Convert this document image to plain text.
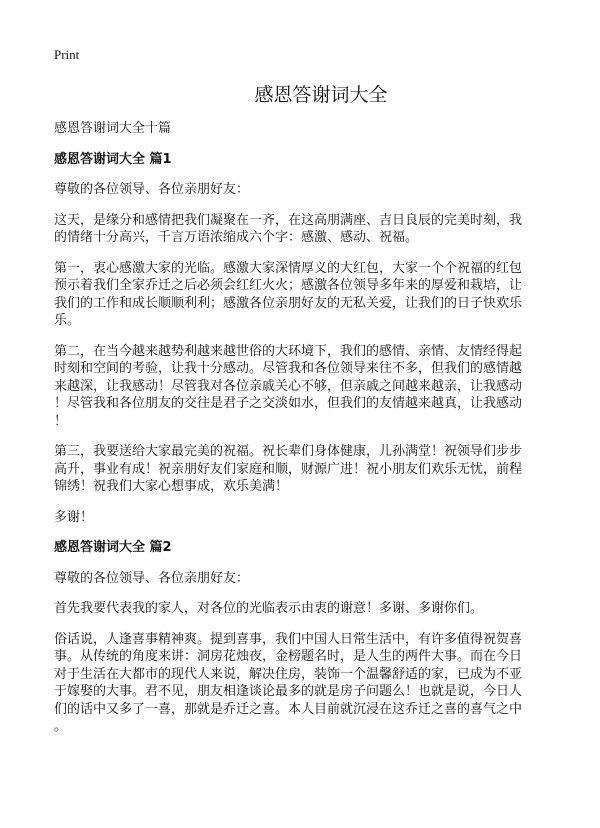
Print
感恩答谢词大全

感恩答谢词大全十篇

感恩答谢词大全 篇1

尊敬的各位领导、各位亲朋好友：

这天，是缘分和感情把我们凝聚在一齐，在这高朋满座、吉日良辰的完美时刻，我
的情绪十分高兴，千言万语浓缩成六个字：感激、感动、祝福。

第一，衷心感激大家的光临。感激大家深情厚义的大红包，大家一个个祝福的红包
预示着我们全家乔迁之后必须会红红火火；感激各位领导多年来的厚爱和栽培，让
我们的工作和成长顺顺利利；感激各位亲朋好友的无私关爱，让我们的日子快欢乐
乐。

第二，在当今越来越势利越来越世俗的大环境下，我们的感情、亲情、友情经得起
时刻和空间的考验，让我十分感动。尽管我和各位领导来往不多，但我们的感情越
来越深，让我感动！尽管我对各位亲戚关心不够，但亲戚之间越来越亲，让我感动
！尽管我和各位朋友的交往是君子之交淡如水，但我们的友情越来越真，让我感动
！

第三，我要送给大家最完美的祝福。祝长辈们身体健康，儿孙满堂！祝领导们步步
高升，事业有成！祝亲朋好友们家庭和顺，财源广进！祝小朋友们欢乐无忧，前程
锦绣！祝我们大家心想事成，欢乐美满！

多谢！

感恩答谢词大全 篇2

尊敬的各位领导、各位亲朋好友：

首先我要代表我的家人，对各位的光临表示由衷的谢意！多谢、多谢你们。

俗话说，人逢喜事精神爽。提到喜事，我们中国人日常生活中，有许多值得祝贺喜
事。从传统的角度来讲：洞房花烛夜，金榜题名时，是人生的两件大事。而在今日
对于生活在大都市的现代人来说，解决住房，装饰一个温馨舒适的家，已成为不亚
于嫁娶的大事。君不见，朋友相逢谈论最多的就是房子问题么！也就是说，今日人
们的话中又多了一喜，那就是乔迁之喜。本人目前就沉浸在这乔迁之喜的喜气之中
。
